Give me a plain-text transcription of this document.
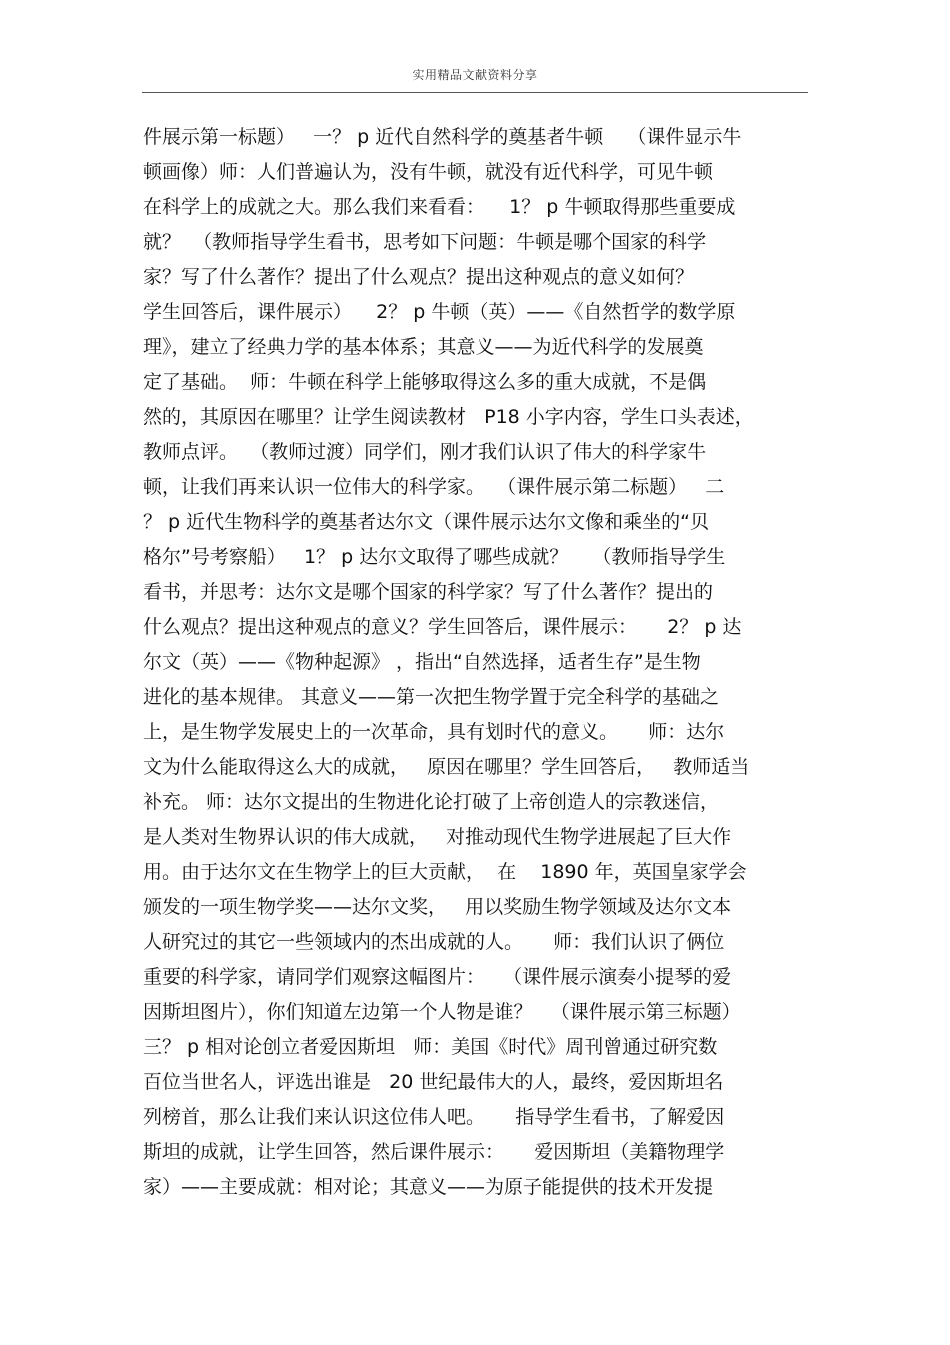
实用精品文献资料分享
件展示第一标题）   一？ p 近代自然科学的奠基者牛顿    （课件显示牛
顿画像）师：人们普遍认为，没有牛顿，就没有近代科学，可见牛顿
在科学上的成就之大。那么我们来看看：    1？ p 牛顿取得那些重要成
就？  （教师指导学生看书，思考如下问题：牛顿是哪个国家的科学
家？写了什么著作？提出了什么观点？提出这种观点的意义如何？
学生回答后，课件展示）    2？ p 牛顿（英）——《自然哲学的数学原
理》，建立了经典力学的基本体系；其意义——为近代科学的发展奠
定了基础。  师：牛顿在科学上能够取得这么多的重大成就，不是偶
然的，其原因在哪里？让学生阅读教材   P18 小字内容，学生口头表述，
教师点评。  （教师过渡）同学们，刚才我们认识了伟大的科学家牛
顿，让我们再来认识一位伟大的科学家。  （课件展示第二标题）   二
？ p 近代生物科学的奠基者达尔文（课件展示达尔文像和乘坐的“贝
格尔”号考察船）   1？ p 达尔文取得了哪些成就？    （教师指导学生
看书，并思考：达尔文是哪个国家的科学家？写了什么著作？提出的
什么观点？提出这种观点的意义？学生回答后，课件展示：     2？ p 达
尔文（英）——《物种起源》 ，指出“自然选择，适者生存”是生物
进化的基本规律。 其意义——第一次把生物学置于完全科学的基础之
上，是生物学发展史上的一次革命，具有划时代的意义。     师：达尔
文为什么能取得这么大的成就，   原因在哪里？学生回答后，   教师适当
补充。 师：达尔文提出的生物进化论打破了上帝创造人的宗教迷信，
是人类对生物界认识的伟大成就，   对推动现代生物学进展起了巨大作
用。由于达尔文在生物学上的巨大贡献，  在    1890 年，英国皇家学会
颁发的一项生物学奖——达尔文奖，   用以奖励生物学领域及达尔文本
人研究过的其它一些领域内的杰出成就的人。     师：我们认识了俩位
重要的科学家，请同学们观察这幅图片：   （课件展示演奏小提琴的爱
因斯坦图片），你们知道左边第一个人物是谁？   （课件展示第三标题）
三？ p 相对论创立者爱因斯坦   师：美国《时代》周刊曾通过研究数
百位当世名人，评选出谁是   20 世纪最伟大的人，最终，爱因斯坦名
列榜首，那么让我们来认识这位伟人吧。     指导学生看书，了解爱因
斯坦的成就，让学生回答，然后课件展示：     爱因斯坦（美籍物理学
家）——主要成就：相对论；其意义——为原子能提供的技术开发提
